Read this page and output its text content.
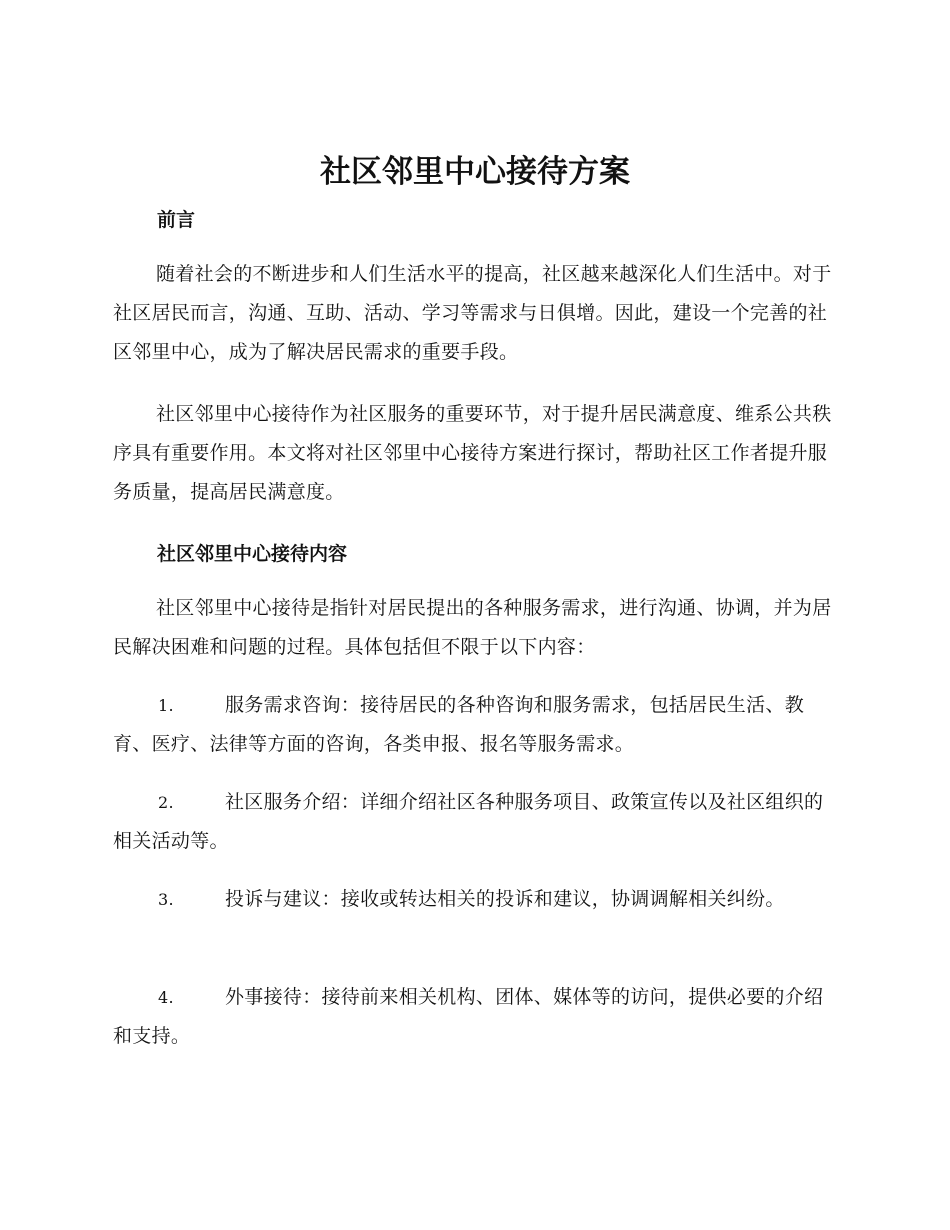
社区邻里中心接待方案
前言

随着社会的不断进步和人们生活水平的提高，社区越来越深化人们生活中。对于社区居民而言，沟通、互助、活动、学习等需求与日俱增。因此，建设一个完善的社区邻里中心，成为了解决居民需求的重要手段。

社区邻里中心接待作为社区服务的重要环节，对于提升居民满意度、维系公共秩序具有重要作用。本文将对社区邻里中心接待方案进行探讨，帮助社区工作者提升服务质量，提高居民满意度。

社区邻里中心接待内容

社区邻里中心接待是指针对居民提出的各种服务需求，进行沟通、协调，并为居民解决困难和问题的过程。具体包括但不限于以下内容：

1.	服务需求咨询：接待居民的各种咨询和服务需求，包括居民生活、教育、医疗、法律等方面的咨询，各类申报、报名等服务需求。

2.	社区服务介绍：详细介绍社区各种服务项目、政策宣传以及社区组织的相关活动等。

3.	投诉与建议：接收或转达相关的投诉和建议，协调调解相关纠纷。

4.	外事接待：接待前来相关机构、团体、媒体等的访问，提供必要的介绍和支持。
